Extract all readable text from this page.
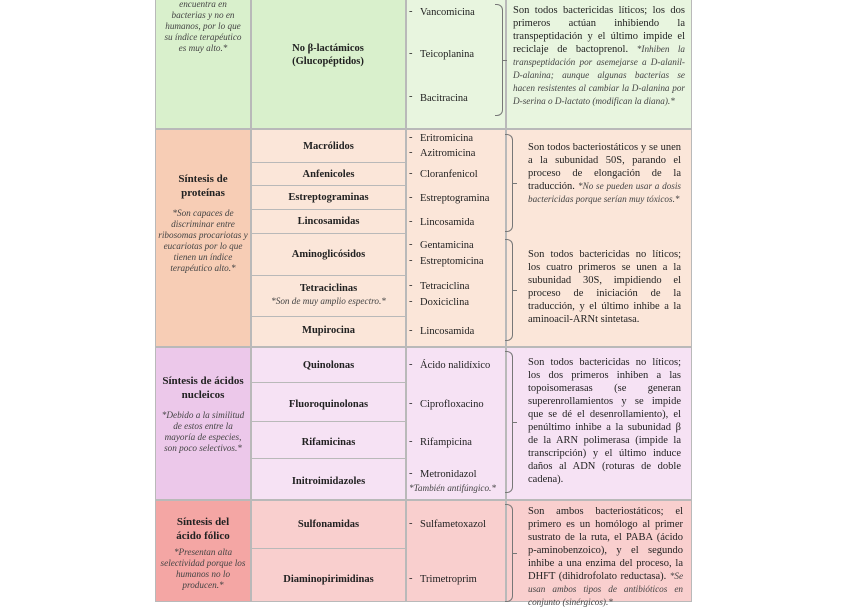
encuentra en bacterias y no en humanos, por lo que su índice terapéutico es muy alto.*	No β-lactámicos (Glucopéptidos)
- Vancomicina
- Teicoplanina
- Bacitracina
Son todos bactericidas líticos; los dos primeros actúan inhibiendo la transpeptidación y el último impide el reciclaje de bactoprenol. *Inhiben la transpeptidación por asemejarse a D-alanil-D-alanina; aunque algunas bacterias se hacen resistentes al cambiar la D-alanina por D-serina o D-lactato (modifican la diana).*
Síntesis de proteínas
*Son capaces de discriminar entre ribosomas procariotas y eucariotas por lo que tienen un índice terapéutico alto.*
Macrólidos
Anfenicoles
Estreptograminas
Lincosamidas
Aminoglicósidos
Tetraciclinas
*Son de muy amplio espectro.*
Mupirocina
- Eritromicina
- Azitromicina
- Cloranfenicol
- Estreptogramina
- Lincosamida
- Gentamicina
- Estreptomicina
- Tetraciclina
- Doxiciclina
- Lincosamida
Son todos bacteriostáticos y se unen a la subunidad 50S, parando el proceso de elongación de la traducción. *No se pueden usar a dosis bactericidas porque serían muy tóxicos.*
Son todos bactericidas no líticos; los cuatro primeros se unen a la subunidad 30S, impidiendo el proceso de iniciación de la traducción, y el último inhibe a la aminoacil-ARNt sintetasa.
Síntesis de ácidos nucleicos
*Debido a la similitud de estos entre la mayoría de especies, son poco selectivos.*
Quinolonas
Fluoroquinolonas
Rifamicinas
Initroimidazoles
- Ácido nalidíxico
- Ciprofloxacino
- Rifampicina
- Metronidazol
*También antifúngico.*
Son todos bactericidas no líticos; los dos primeros inhiben a las topoisomerasas (se generan superenrollamientos y se impide que se dé el desenrollamiento), el penúltimo inhibe a la subunidad β de la ARN polimerasa (impide la transcripción) y el último induce daños al ADN (roturas de doble cadena).
Síntesis del ácido fólico
*Presentan alta selectividad porque los humanos no lo producen.*
Sulfonamidas
Diaminopirimidinas
- Sulfametoxazol
- Trimetroprim
Son ambos bacteriostáticos; el primero es un homólogo al primer sustrato de la ruta, el PABA (ácido p-aminobenzoico), y el segundo inhibe a una enzima del proceso, la DHFT (dihidrofolato reductasa). *Se usan ambos tipos de antibióticos en conjunto (sinérgicos).*
